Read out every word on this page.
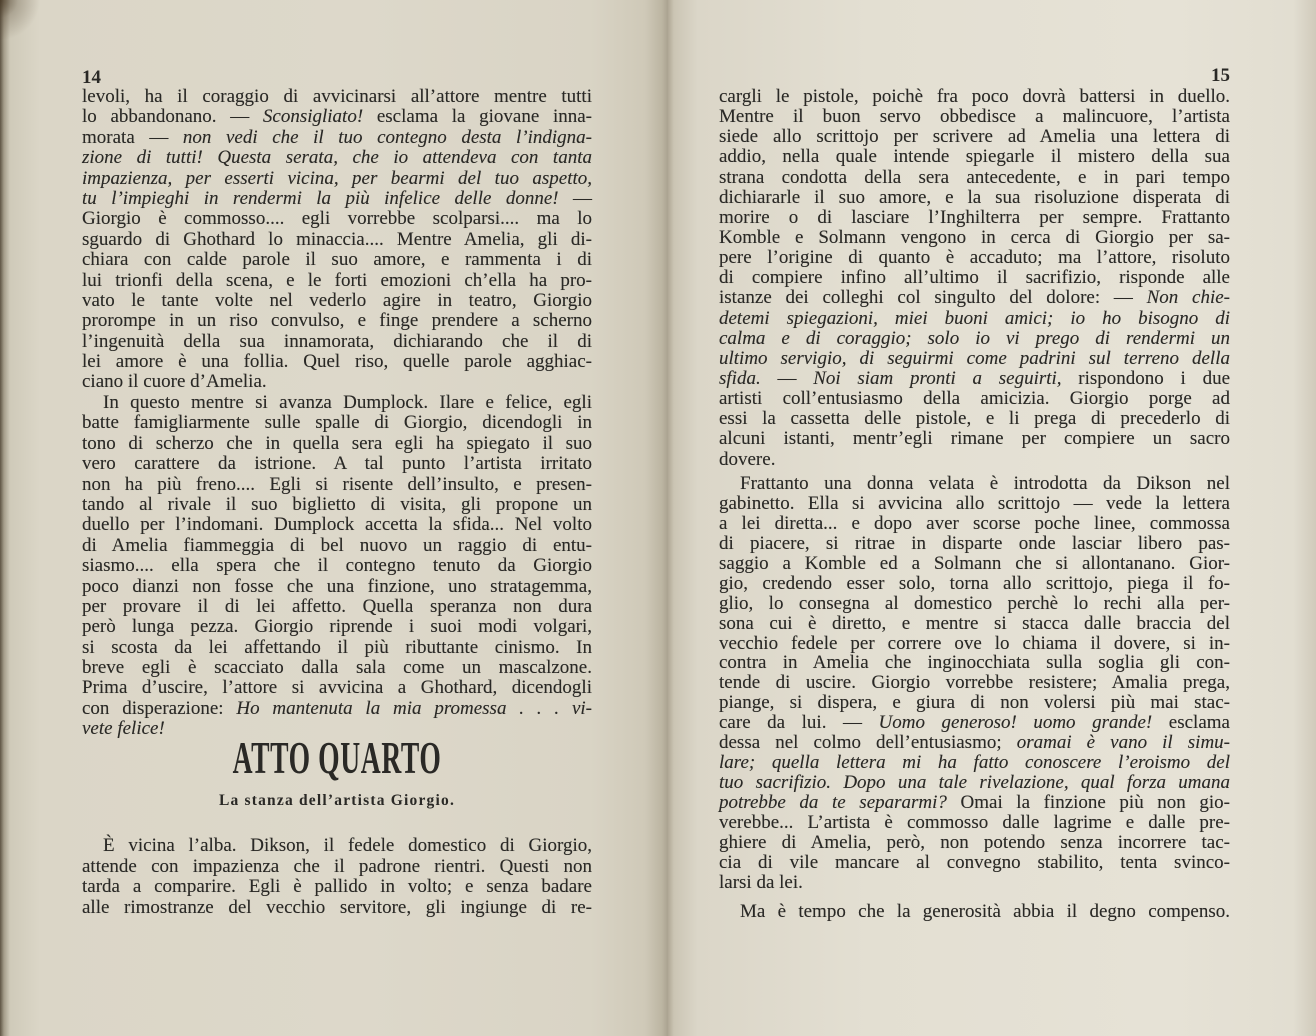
14
levoli, ha il coraggio di avvicinarsi all’attore mentre tutti
lo abbandonano. — Sconsigliato! esclama la giovane inna-
morata — non vedi che il tuo contegno desta l’indigna-
zione di tutti! Questa serata, che io attendeva con tanta
impazienza, per esserti vicina, per bearmi del tuo aspetto,
tu l’impieghi in rendermi la più infelice delle donne! —
Giorgio è commosso.... egli vorrebbe scolparsi.... ma lo
sguardo di Ghothard lo minaccia.... Mentre Amelia, gli di-
chiara con calde parole il suo amore, e rammenta i di
lui trionfi della scena, e le forti emozioni ch’ella ha pro-
vato le tante volte nel vederlo agire in teatro, Giorgio
prorompe in un riso convulso, e finge prendere a scherno
l’ingenuità della sua innamorata, dichiarando che il di
lei amore è una follia. Quel riso, quelle parole agghiac-
ciano il cuore d’Amelia.
In questo mentre si avanza Dumplock. Ilare e felice, egli
batte famigliarmente sulle spalle di Giorgio, dicendogli in
tono di scherzo che in quella sera egli ha spiegato il suo
vero carattere da istrione. A tal punto l’artista irritato
non ha più freno.... Egli si risente dell’insulto, e presen-
tando al rivale il suo biglietto di visita, gli propone un
duello per l’indomani. Dumplock accetta la sfida... Nel volto
di Amelia fiammeggia di bel nuovo un raggio di entu-
siasmo.... ella spera che il contegno tenuto da Giorgio
poco dianzi non fosse che una finzione, uno stratagemma,
per provare il di lei affetto. Quella speranza non dura
però lunga pezza. Giorgio riprende i suoi modi volgari,
si scosta da lei affettando il più ributtante cinismo. In
breve egli è scacciato dalla sala come un mascalzone.
Prima d’uscire, l’attore si avvicina a Ghothard, dicendogli
con disperazione: Ho mantenuta la mia promessa . . . vi-
vete felice!
ATTO QUARTO
La stanza dell’artista Giorgio.
È vicina l’alba. Dikson, il fedele domestico di Giorgio,
attende con impazienza che il padrone rientri. Questi non
tarda a comparire. Egli è pallido in volto; e senza badare
alle rimostranze del vecchio servitore, gli ingiunge di re-
15
cargli le pistole, poichè fra poco dovrà battersi in duello.
Mentre il buon servo obbedisce a malincuore, l’artista
siede allo scrittojo per scrivere ad Amelia una lettera di
addio, nella quale intende spiegarle il mistero della sua
strana condotta della sera antecedente, e in pari tempo
dichiararle il suo amore, e la sua risoluzione disperata di
morire o di lasciare l’Inghilterra per sempre. Frattanto
Komble e Solmann vengono in cerca di Giorgio per sa-
pere l’origine di quanto è accaduto; ma l’attore, risoluto
di compiere infino all’ultimo il sacrifizio, risponde alle
istanze dei colleghi col singulto del dolore: — Non chie-
detemi spiegazioni, miei buoni amici; io ho bisogno di
calma e di coraggio; solo io vi prego di rendermi un
ultimo servigio, di seguirmi come padrini sul terreno della
sfida. — Noi siam pronti a seguirti, rispondono i due
artisti coll’entusiasmo della amicizia. Giorgio porge ad
essi la cassetta delle pistole, e li prega di precederlo di
alcuni istanti, mentr’egli rimane per compiere un sacro
dovere.
Frattanto una donna velata è introdotta da Dikson nel
gabinetto. Ella si avvicina allo scrittojo — vede la lettera
a lei diretta... e dopo aver scorse poche linee, commossa
di piacere, si ritrae in disparte onde lasciar libero pas-
saggio a Komble ed a Solmann che si allontanano. Gior-
gio, credendo esser solo, torna allo scrittojo, piega il fo-
glio, lo consegna al domestico perchè lo rechi alla per-
sona cui è diretto, e mentre si stacca dalle braccia del
vecchio fedele per correre ove lo chiama il dovere, si in-
contra in Amelia che inginocchiata sulla soglia gli con-
tende di uscire. Giorgio vorrebbe resistere; Amalia prega,
piange, si dispera, e giura di non volersi più mai stac-
care da lui. — Uomo generoso! uomo grande! esclama
dessa nel colmo dell’entusiasmo; oramai è vano il simu-
lare; quella lettera mi ha fatto conoscere l’eroismo del
tuo sacrifizio. Dopo una tale rivelazione, qual forza umana
potrebbe da te separarmi? Omai la finzione più non gio-
verebbe... L’artista è commosso dalle lagrime e dalle pre-
ghiere di Amelia, però, non potendo senza incorrere tac-
cia di vile mancare al convegno stabilito, tenta svinco-
larsi da lei.
Ma è tempo che la generosità abbia il degno compenso.
